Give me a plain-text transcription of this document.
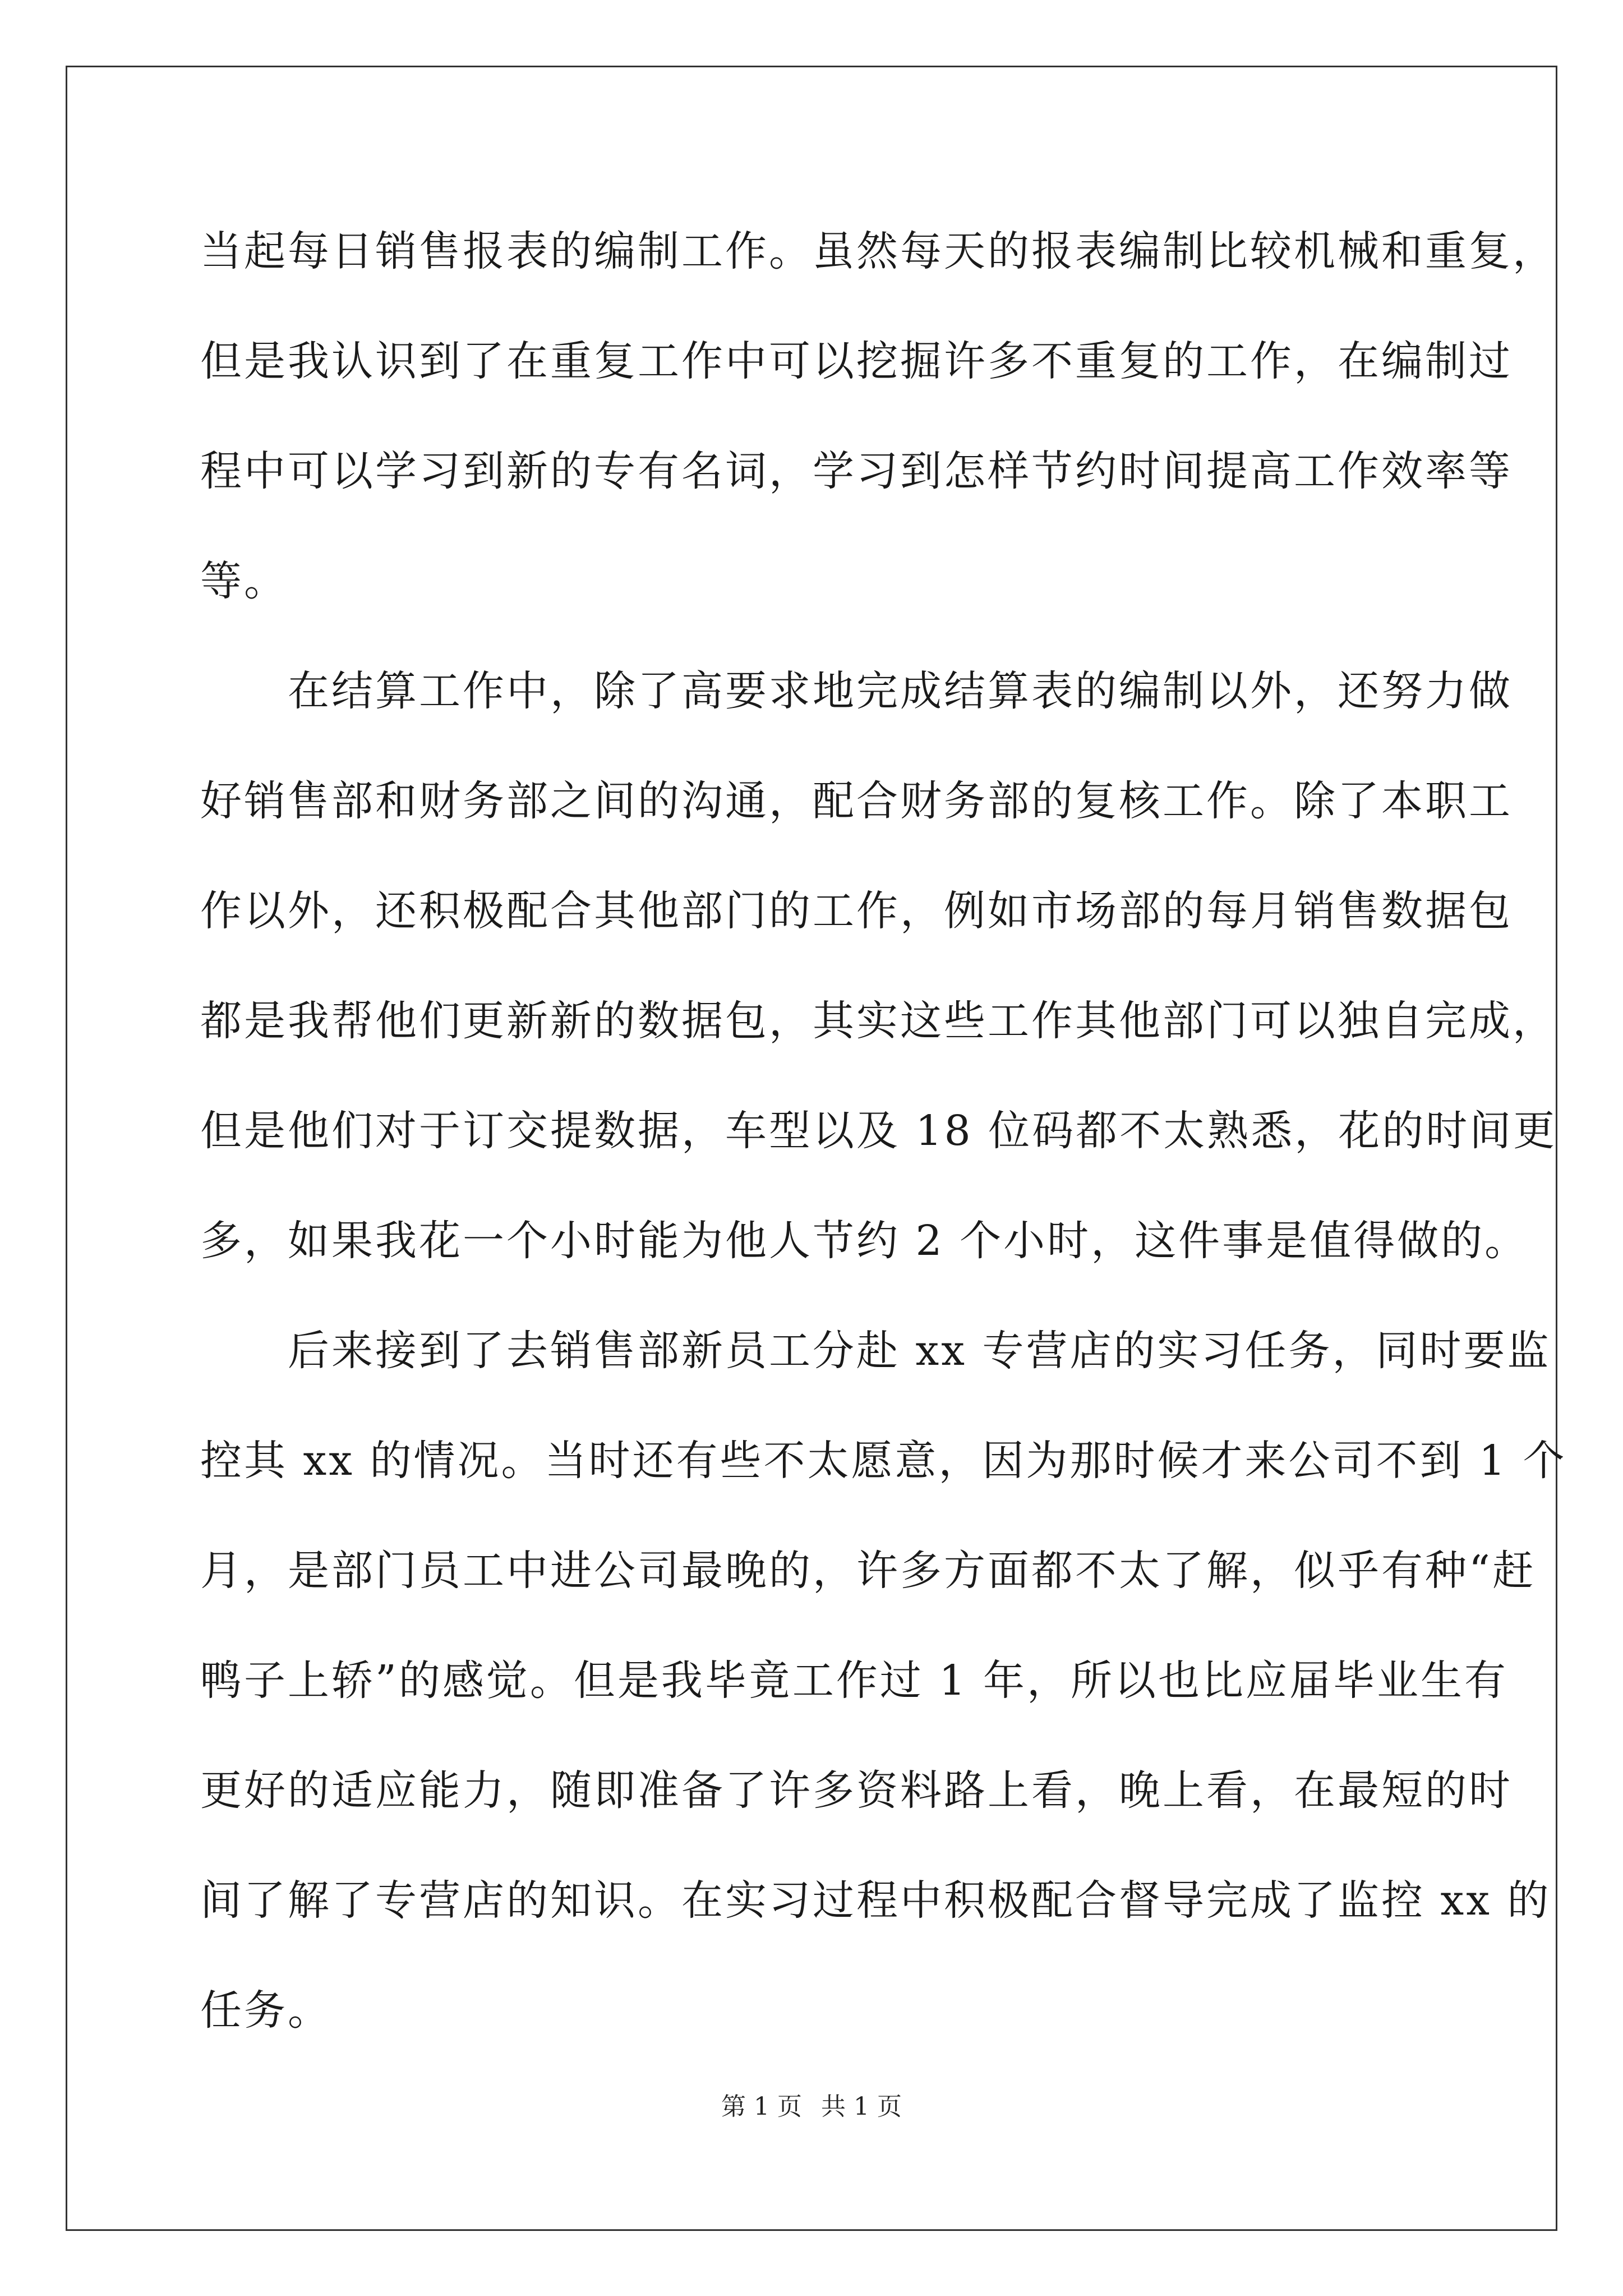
当起每日销售报表的编制工作。虽然每天的报表编制比较机械和重复，
但是我认识到了在重复工作中可以挖掘许多不重复的工作，在编制过
程中可以学习到新的专有名词，学习到怎样节约时间提高工作效率等
等。
　　在结算工作中，除了高要求地完成结算表的编制以外，还努力做
好销售部和财务部之间的沟通，配合财务部的复核工作。除了本职工
作以外，还积极配合其他部门的工作，例如市场部的每月销售数据包
都是我帮他们更新新的数据包，其实这些工作其他部门可以独自完成，
但是他们对于订交提数据，车型以及 18 位码都不太熟悉，花的时间更
多，如果我花一个小时能为他人节约 2 个小时，这件事是值得做的。
　　后来接到了去销售部新员工分赴 xx 专营店的实习任务，同时要监
控其 xx 的情况。当时还有些不太愿意，因为那时候才来公司不到 1 个
月，是部门员工中进公司最晚的，许多方面都不太了解，似乎有种“赶
鸭子上轿”的感觉。但是我毕竟工作过 1 年，所以也比应届毕业生有
更好的适应能力，随即准备了许多资料路上看，晚上看，在最短的时
间了解了专营店的知识。在实习过程中积极配合督导完成了监控 xx 的
任务。
第 1 页 共 1 页
